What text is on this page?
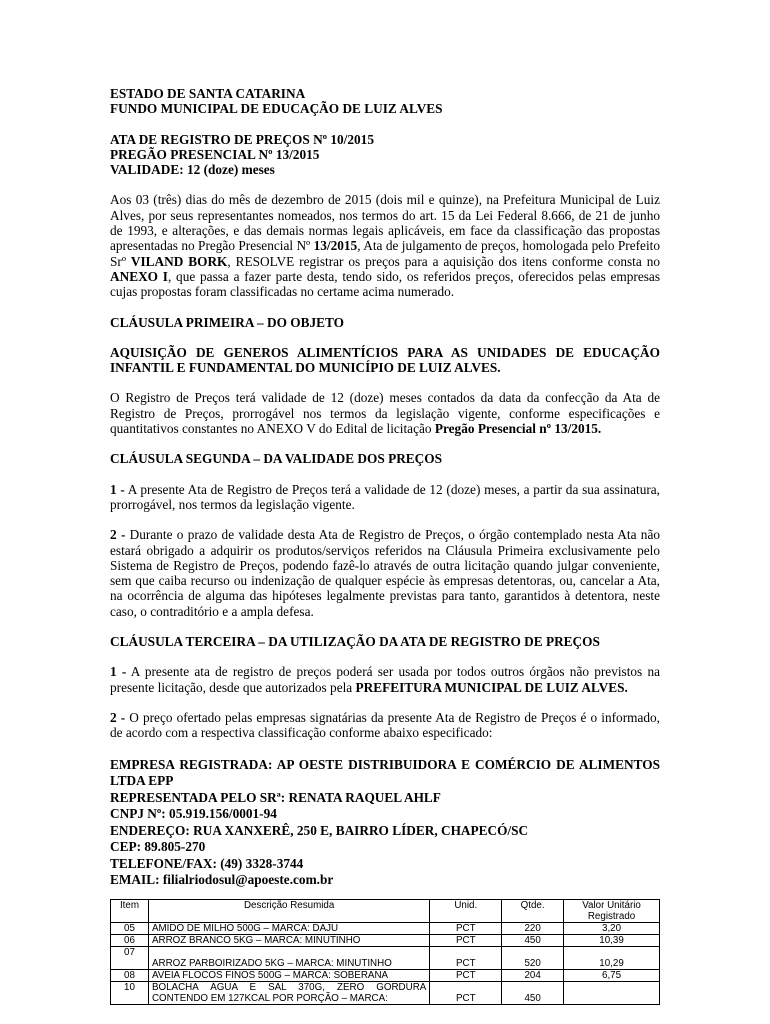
ESTADO DE SANTA CATARINA
FUNDO MUNICIPAL DE EDUCAÇÃO DE LUIZ ALVES
ATA DE REGISTRO DE PREÇOS Nº 10/2015
PREGÃO PRESENCIAL Nº 13/2015
VALIDADE: 12 (doze) meses

Aos 03 (três) dias do mês de dezembro de 2015 (dois mil e quinze), na Prefeitura Municipal de Luiz Alves, por seus representantes nomeados, nos termos do art. 15 da Lei Federal 8.666, de 21 de junho de 1993, e alterações, e das demais normas legais aplicáveis, em face da classificação das propostas apresentadas no Pregão Presencial Nº 13/2015, Ata de julgamento de preços, homologada pelo Prefeito Srº VILAND BORK, RESOLVE registrar os preços para a aquisição dos itens conforme consta no ANEXO I, que passa a fazer parte desta, tendo sido, os referidos preços, oferecidos pelas empresas cujas propostas foram classificadas no certame acima numerado.

CLÁUSULA PRIMEIRA – DO OBJETO

AQUISIÇÃO DE GENEROS ALIMENTÍCIOS PARA AS UNIDADES DE EDUCAÇÃO INFANTIL E FUNDAMENTAL DO MUNICÍPIO DE LUIZ ALVES.

O Registro de Preços terá validade de 12 (doze) meses contados da data da confecção da Ata de Registro de Preços, prorrogável nos termos da legislação vigente, conforme especificações e quantitativos constantes no ANEXO V do Edital de licitação Pregão Presencial nº 13/2015.

CLÁUSULA SEGUNDA – DA VALIDADE DOS PREÇOS

1 - A presente Ata de Registro de Preços terá a validade de 12 (doze) meses, a partir da sua assinatura, prorrogável, nos termos da legislação vigente.

2 - Durante o prazo de validade desta Ata de Registro de Preços, o órgão contemplado nesta Ata não estará obrigado a adquirir os produtos/serviços referidos na Cláusula Primeira exclusivamente pelo Sistema de Registro de Preços, podendo fazê-lo através de outra licitação quando julgar conveniente, sem que caiba recurso ou indenização de qualquer espécie às empresas detentoras, ou, cancelar a Ata, na ocorrência de alguma das hipóteses legalmente previstas para tanto, garantidos à detentora, neste caso, o contraditório e a ampla defesa.

CLÁUSULA TERCEIRA – DA UTILIZAÇÃO DA ATA DE REGISTRO DE PREÇOS

1 - A presente ata de registro de preços poderá ser usada por todos outros órgãos não previstos na presente licitação, desde que autorizados pela PREFEITURA MUNICIPAL DE LUIZ ALVES.

2 - O preço ofertado pelas empresas signatárias da presente Ata de Registro de Preços é o informado, de acordo com a respectiva classificação conforme abaixo especificado:

EMPRESA REGISTRADA: AP OESTE DISTRIBUIDORA E COMÉRCIO DE ALIMENTOS LTDA EPP
REPRESENTADA PELO SRª: RENATA RAQUEL AHLF
CNPJ Nº: 05.919.156/0001-94
ENDEREÇO: RUA XANXERÊ, 250 E, BAIRRO LÍDER, CHAPECÓ/SC
CEP: 89.805-270
TELEFONE/FAX: (49) 3328-3744
EMAIL: filialriodosul@apoeste.com.br
Item	Descrição Resumida	Unid.	Qtde.	Valor Unitário Registrado
05	AMIDO DE MILHO 500G – MARCA: DAJU	PCT	220	3,20
06	ARROZ BRANCO 5KG – MARCA: MINUTINHO	PCT	450	10,39
07	ARROZ PARBOIRIZADO 5KG – MARCA: MINUTINHO	PCT	520	10,29
08	AVEIA FLOCOS FINOS 500G – MARCA: SOBERANA	PCT	204	6,75
10	BOLACHA ÁGUA E SAL 370G, ZERO GORDURA CONTENDO EM 127KCAL POR PORÇÃO – MARCA:	PCT	450	
